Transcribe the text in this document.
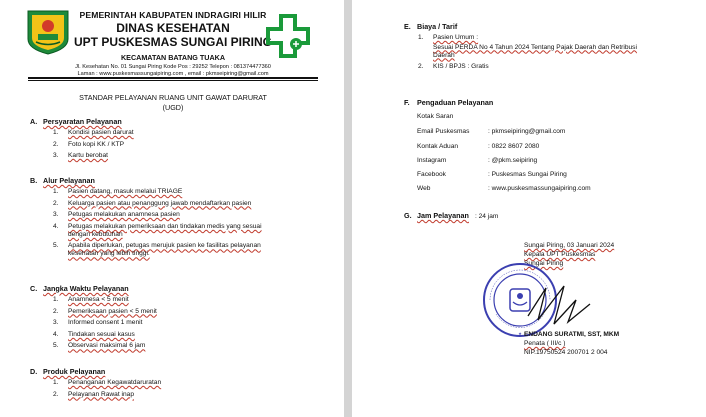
PEMERINTAH KABUPATEN INDRAGIRI HILIR
DINAS KESEHATAN
UPT PUSKESMAS SUNGAI PIRING
KECAMATAN BATANG TUAKA
Jl. Kesehatan No. 01 Sungai Piring Kode Pos : 29252 Telepon : 081374477360
Laman : www.puskesmassungaipiring.com , email : pkmseipiring@gmail.com
STANDAR PELAYANAN RUANG UNIT GAWAT DARURAT
(UGD)
A. Persyaratan Pelayanan
1.	Kondisi pasien darurat
2.	Foto kopi KK / KTP
3.	Kartu berobat
B. Alur Pelayanan
1.	Pasien datang, masuk melalui TRIAGE
2.	Keluarga pasien atau penanggung jawab mendaftarkan pasien
3.	Petugas melakukan anamnesa pasien
4.	Petugas melakukan pemeriksaan dan tindakan medis yang sesuai dengan kebutuhan
5.	Apabila diperlukan, petugas merujuk pasien ke fasilitas pelayanan kesehatan yang lebih tinggi.
C. Jangka Waktu Pelayanan
1.	Anamnesa < 5 menit
2.	Pemeriksaan pasien < 5 menit
3.	Informed consent 1 menit
4.	Tindakan sesuai kasus
5.	Observasi maksimal 6 jam
D. Produk Pelayanan
1.	Penanganan Kegawatdaruratan
2.	Pelayanan Rawat inap
E. Biaya / Tarif
1.	Pasien Umum :
Sesuai PERDA No 4 Tahun 2024 Tentang Pajak Daerah dan Retribusi Daerah
2.	KIS / BPJS : Gratis
F. Pengaduan Pelayanan
Kotak Saran
Email Puskesmas	: pkmseipiring@gmail.com
Kontak Aduan	: 0822 8607 2080
Instagram	: @pkm.seipiring
Facebook	: Puskesmas Sungai Piring
Web	: www.puskesmassungaipiring.com
G. Jam Pelayanan : 24 jam
Sungai Piring, 03 Januari 2024
Kepala UPT Puskesmas
Sungai Piring
★ ENDANG SURATMI, SST, MKM
Penata ( III/c )
NIP.19750524 200701 2 004
